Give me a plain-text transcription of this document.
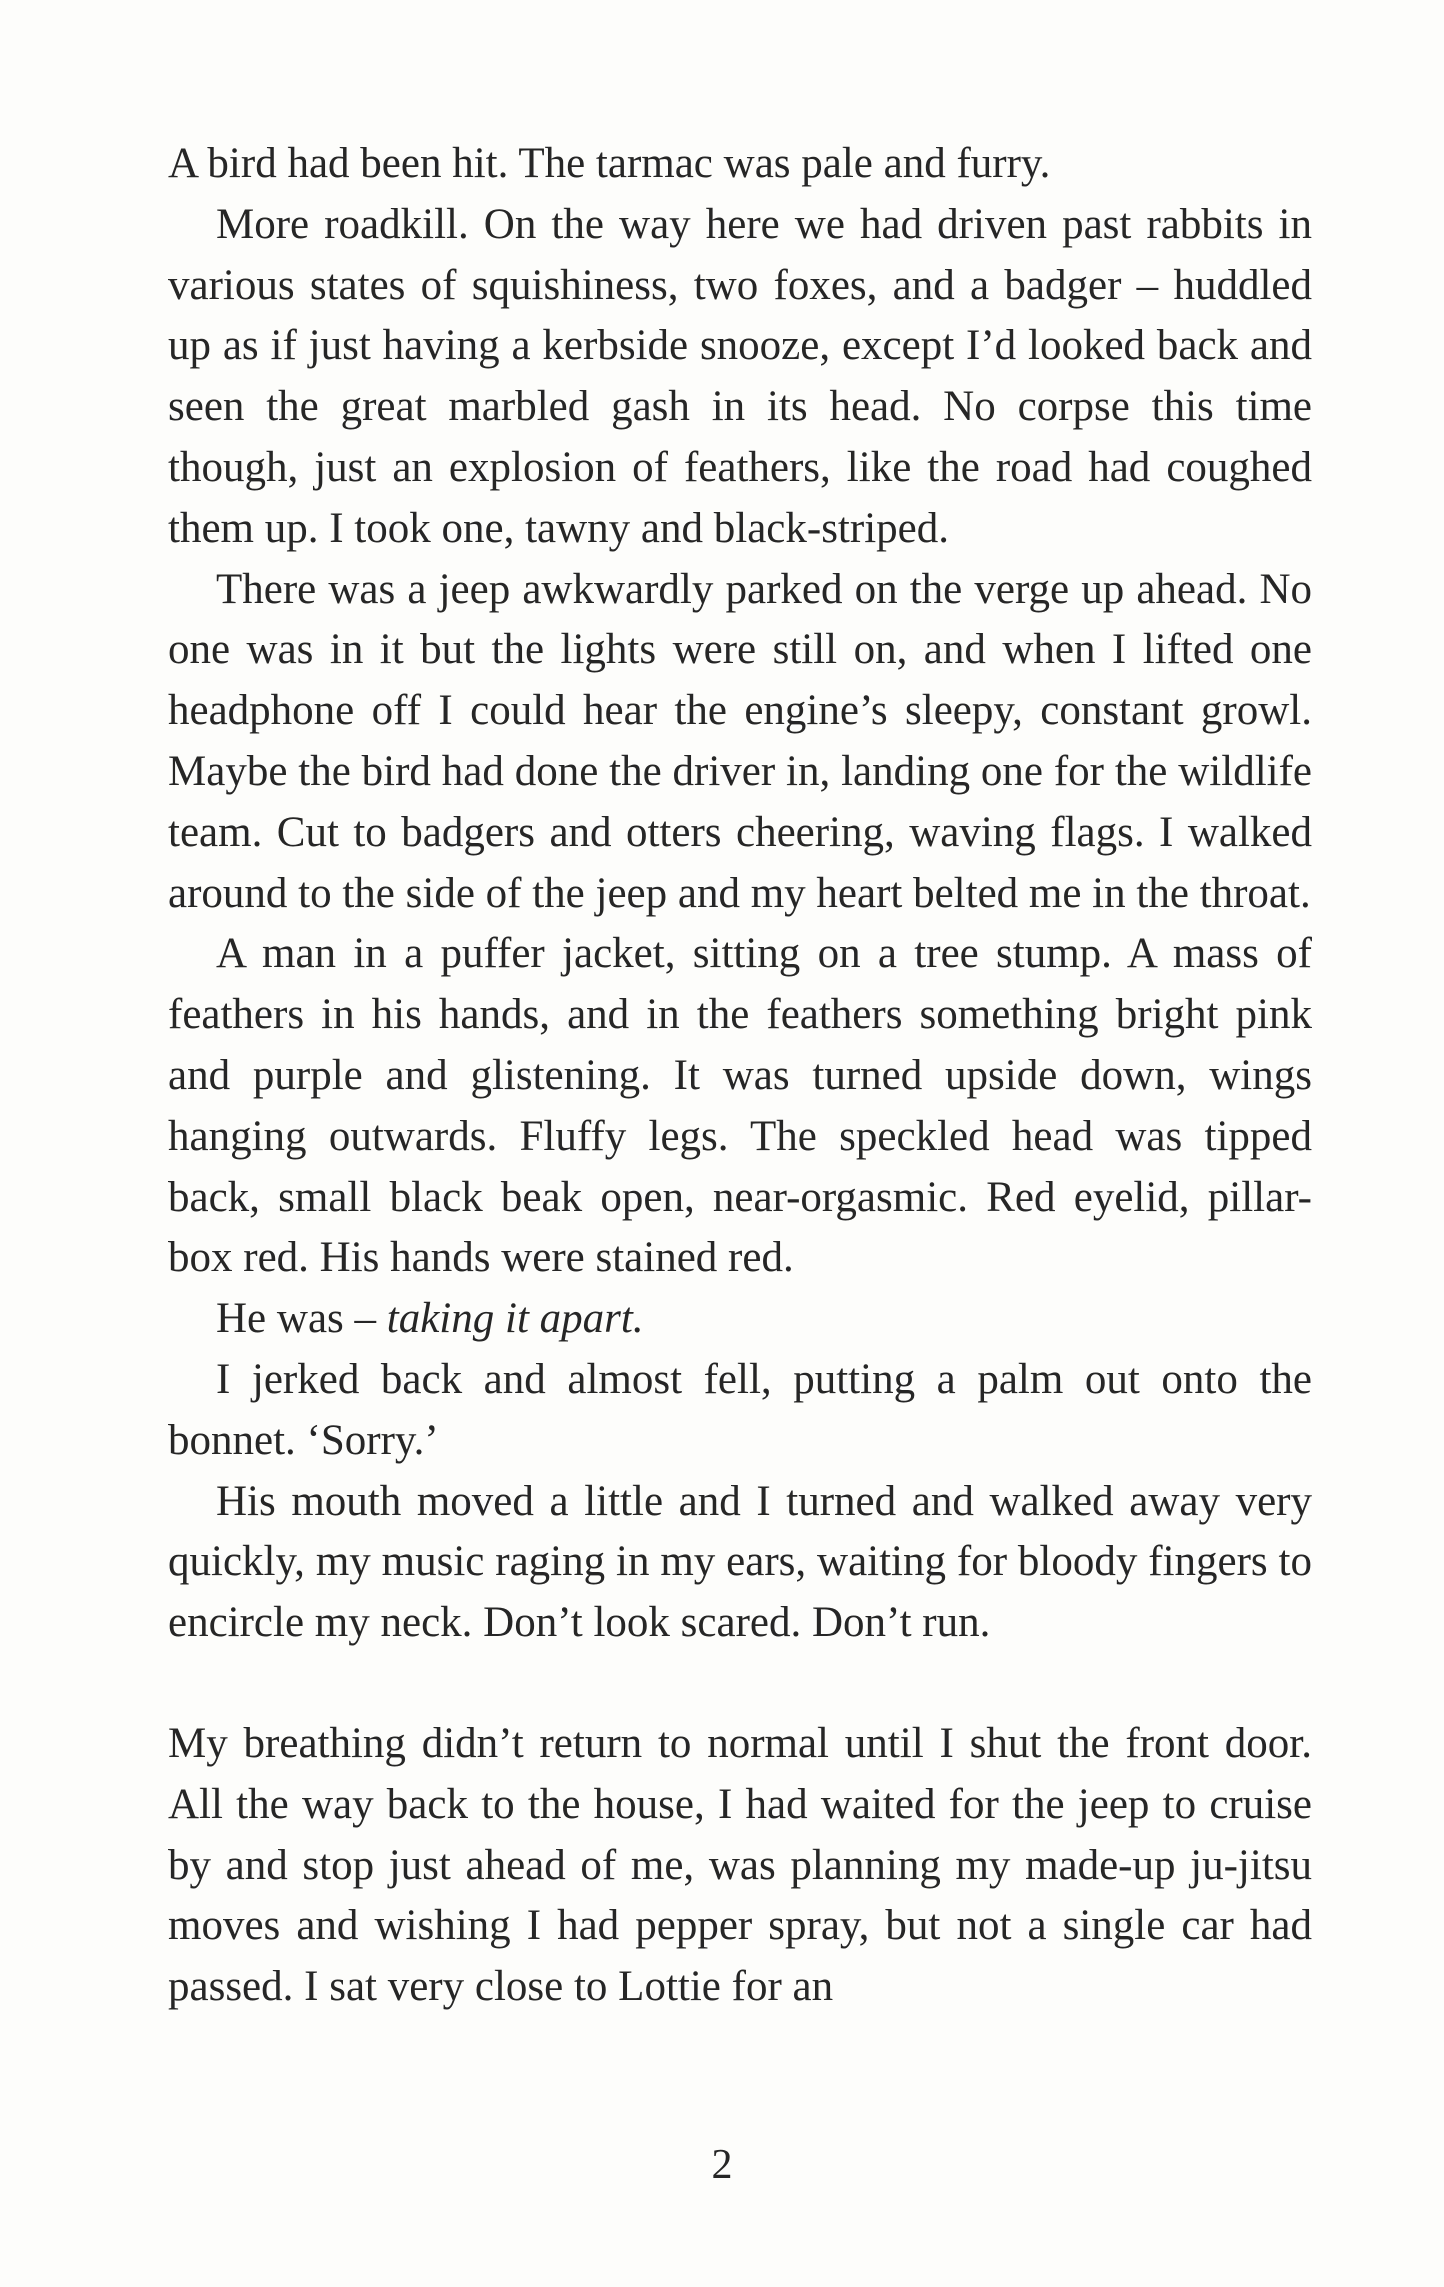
A bird had been hit. The tarmac was pale and furry.

More roadkill. On the way here we had driven past rabbits in various states of squishiness, two foxes, and a badger – huddled up as if just having a kerbside snooze, except I’d looked back and seen the great marbled gash in its head. No corpse this time though, just an explosion of feathers, like the road had coughed them up. I took one, tawny and black-striped.

There was a jeep awkwardly parked on the verge up ahead. No one was in it but the lights were still on, and when I lifted one headphone off I could hear the engine’s sleepy, constant growl. Maybe the bird had done the driver in, landing one for the wildlife team. Cut to badgers and otters cheering, waving flags. I walked around to the side of the jeep and my heart belted me in the throat.

A man in a puffer jacket, sitting on a tree stump. A mass of feathers in his hands, and in the feathers something bright pink and purple and glistening. It was turned upside down, wings hanging outwards. Fluffy legs. The speckled head was tipped back, small black beak open, near-orgasmic. Red eyelid, pillar-box red. His hands were stained red.

He was – taking it apart.

I jerked back and almost fell, putting a palm out onto the bonnet. ‘Sorry.’

His mouth moved a little and I turned and walked away very quickly, my music raging in my ears, waiting for bloody fingers to encircle my neck. Don’t look scared. Don’t run.

My breathing didn’t return to normal until I shut the front door. All the way back to the house, I had waited for the jeep to cruise by and stop just ahead of me, was planning my made-up ju-jitsu moves and wishing I had pepper spray, but not a single car had passed. I sat very close to Lottie for an

2
